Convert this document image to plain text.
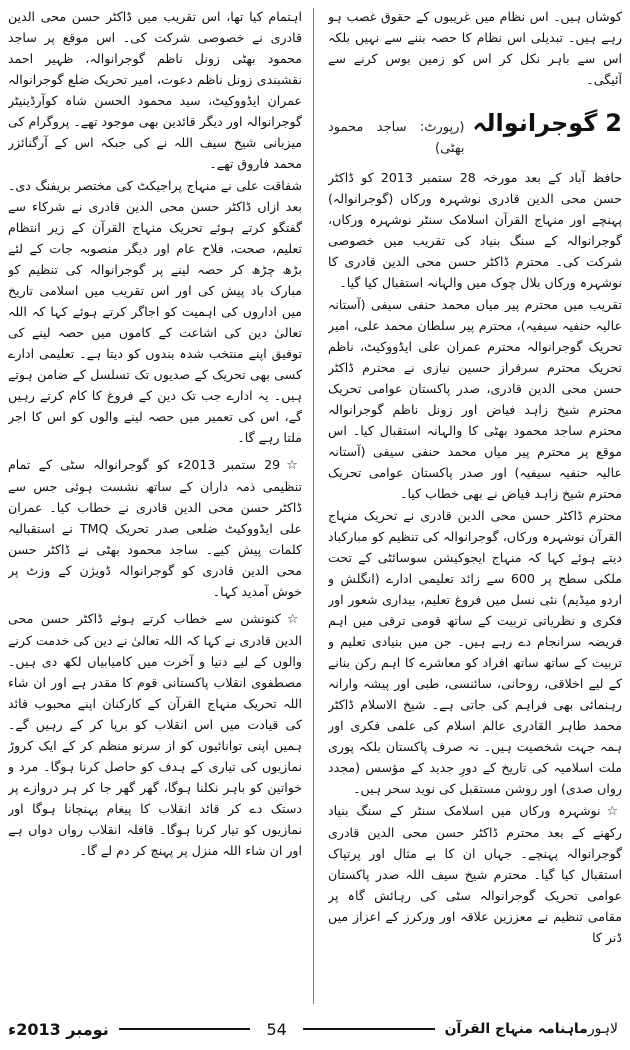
کوشاں ہیں۔ اس نظام میں غریبوں کے حقوق غصب ہو رہے ہیں۔ تبدیلی اس نظام کا حصہ بننے سے نہیں بلکہ اس سے باہر نکل کر اس کو زمین بوس کرنے سے آئیگی۔

2
گوجرانوالہ
(رپورٹ: ساجد محمود بھٹی)

حافظ آباد کے بعد مورخہ 28 ستمبر 2013 کو ڈاکٹر حسن محی الدین قادری نوشہرہ ورکاں (گوجرانوالہ) پہنچے اور منہاج القرآن اسلامک سنٹر نوشہرہ ورکاں، گوجرانوالہ کے سنگ بنیاد کی تقریب میں خصوصی شرکت کی۔ محترم ڈاکٹر حسن محی الدین قادری کا نوشہرہ ورکاں بلال چوک میں والہانہ استقبال کیا گیا۔

تقریب میں محترم پیر میاں محمد حنفی سیفی (آستانہ عالیہ حنفیہ سیفیہ)، محترم پیر سلطان محمد علی، امیر تحریک گوجرانوالہ محترم عمران علی ایڈووکیٹ، ناظم تحریک محترم سرفراز حسین نیازی نے محترم ڈاکٹر حسن محی الدین قادری، صدر پاکستان عوامی تحریک محترم شیخ زاہد فیاض اور زونل ناظم گوجرانوالہ محترم ساجد محمود بھٹی کا والہانہ استقبال کیا۔ اس موقع پر محترم پیر میاں محمد حنفی سیفی (آستانہ عالیہ حنفیہ سیفیہ) اور صدر پاکستان عوامی تحریک محترم شیخ زاہد فیاض نے بھی خطاب کیا۔

محترم ڈاکٹر حسن محی الدین قادری نے تحریک منہاج القرآن نوشہرہ ورکاں، گوجرانوالہ کی تنظیم کو مبارکباد دیتے ہوئے کہا کہ منہاج ایجوکیشن سوسائٹی کے تحت ملکی سطح پر 600 سے زائد تعلیمی ادارے (انگلش و اردو میڈیم) نئی نسل میں فروغ تعلیم، بیداری شعور اور فکری و نظریاتی تربیت کے ساتھ قومی ترقی میں اہم فریضہ سرانجام دے رہے ہیں۔ جن میں بنیادی تعلیم و تربیت کے ساتھ ساتھ افراد کو معاشرے کا اہم رکن بنانے کے لیے اخلاقی، روحانی، سائنسی، طبی اور پیشہ وارانہ رہنمائی بھی فراہم کی جاتی ہے۔ شیخ الاسلام ڈاکٹر محمد طاہر القادری عالم اسلام کی علمی فکری اور ہمہ جہت شخصیت ہیں۔ نہ صرف پاکستان بلکہ پوری ملت اسلامیہ کی تاریخ کے دورِ جدید کے مؤسس (مجدد رواں صدی) اور روشن مستقبل کی نوید سحر ہیں۔

☆نوشہرہ ورکاں میں اسلامک سنٹر کے سنگ بنیاد رکھنے کے بعد محترم ڈاکٹر حسن محی الدین قادری گوجرانوالہ پہنچے۔ جہاں ان کا بے مثال اور پرتپاک استقبال کیا گیا۔ محترم شیخ سیف اللہ صدر پاکستان عوامی تحریک گوجرانوالہ سٹی کی رہائش گاہ پر مقامی تنظیم نے معززین علاقہ اور ورکرز کے اعزاز میں ڈنر کا

اہتمام کیا تھا، اس تقریب میں ڈاکٹر حسن محی الدین قادری نے خصوصی شرکت کی۔ اس موقع پر ساجد محمود بھٹی زونل ناظم گوجرانوالہ، ظہیر احمد نقشبندی زونل ناظم دعوت، امیر تحریک ضلع گوجرانوالہ عمران ایڈووکیٹ، سید محمود الحسن شاہ کوآرڈینیٹر گوجرانوالہ اور دیگر قائدین بھی موجود تھے۔ پروگرام کی میزبانی شیخ سیف اللہ نے کی جبکہ اس کے آرگنائزر محمد فاروق تھے۔

شفاقت علی نے منہاج پراجیکٹ کی مختصر بریفنگ دی۔ بعد ازاں ڈاکٹر حسن محی الدین قادری نے شرکاء سے گفتگو کرتے ہوئے تحریک منہاج القرآن کے زیر انتظام تعلیم، صحت، فلاح عام اور دیگر منصوبہ جات کے لئے بڑھ چڑھ کر حصہ لینے پر گوجرانوالہ کی تنظیم کو مبارک باد پیش کی اور اس تقریب میں اسلامی تاریخ میں اداروں کی اہمیت کو اجاگر کرتے ہوئے کہا کہ اللہ تعالیٰ دین کی اشاعت کے کاموں میں حصہ لینے کی توفیق اپنے منتخب شدہ بندوں کو دیتا ہے۔ تعلیمی ادارے کسی بھی تحریک کے صدیوں تک تسلسل کے ضامن ہوتے ہیں۔ یہ ادارے جب تک دین کے فروغ کا کام کرتے رہیں گے، اس کی تعمیر میں حصہ لینے والوں کو اس کا اجر ملتا رہے گا۔

☆29 ستمبر 2013ء کو گوجرانوالہ سٹی کے تمام تنظیمی ذمہ داران کے ساتھ نشست ہوئی جس سے ڈاکٹر حسن محی الدین قادری نے خطاب کیا۔ عمران علی ایڈووکیٹ ضلعی صدر تحریک TMQ نے استقبالیہ کلمات پیش کیے۔ ساجد محمود بھٹی نے ڈاکٹر حسن محی الدین قادری کو گوجرانوالہ ڈویژن کے وزٹ پر خوش آمدید کہا۔

☆کنونشن سے خطاب کرتے ہوئے ڈاکٹر حسن محی الدین قادری نے کہا کہ اللہ تعالیٰ نے دین کی خدمت کرنے والوں کے لیے دنیا و آخرت میں کامیابیاں لکھ دی ہیں۔ مصطفوی انقلاب پاکستانی قوم کا مقدر ہے اور ان شاء اللہ تحریک منہاج القرآن کے کارکنان اپنے محبوب قائد کی قیادت میں اس انقلاب کو برپا کر کے رہیں گے۔ ہمیں اپنی توانائیوں کو از سرنو منظم کر کے ایک کروڑ نمازیوں کی تیاری کے ہدف کو حاصل کرنا ہوگا۔ مرد و خواتین کو باہر نکلنا ہوگا، گھر گھر جا کر ہر دروازے پر دستک دے کر قائد انقلاب کا پیغام پہنچانا ہوگا اور نمازیوں کو تیار کرنا ہوگا۔ قافلہ انقلاب رواں دواں ہے اور ان شاء اللہ منزل پر پہنچ کر دم لے گا۔

نومبر 2013ء	54	ماہنامہ منہاج القرآن لاہور
